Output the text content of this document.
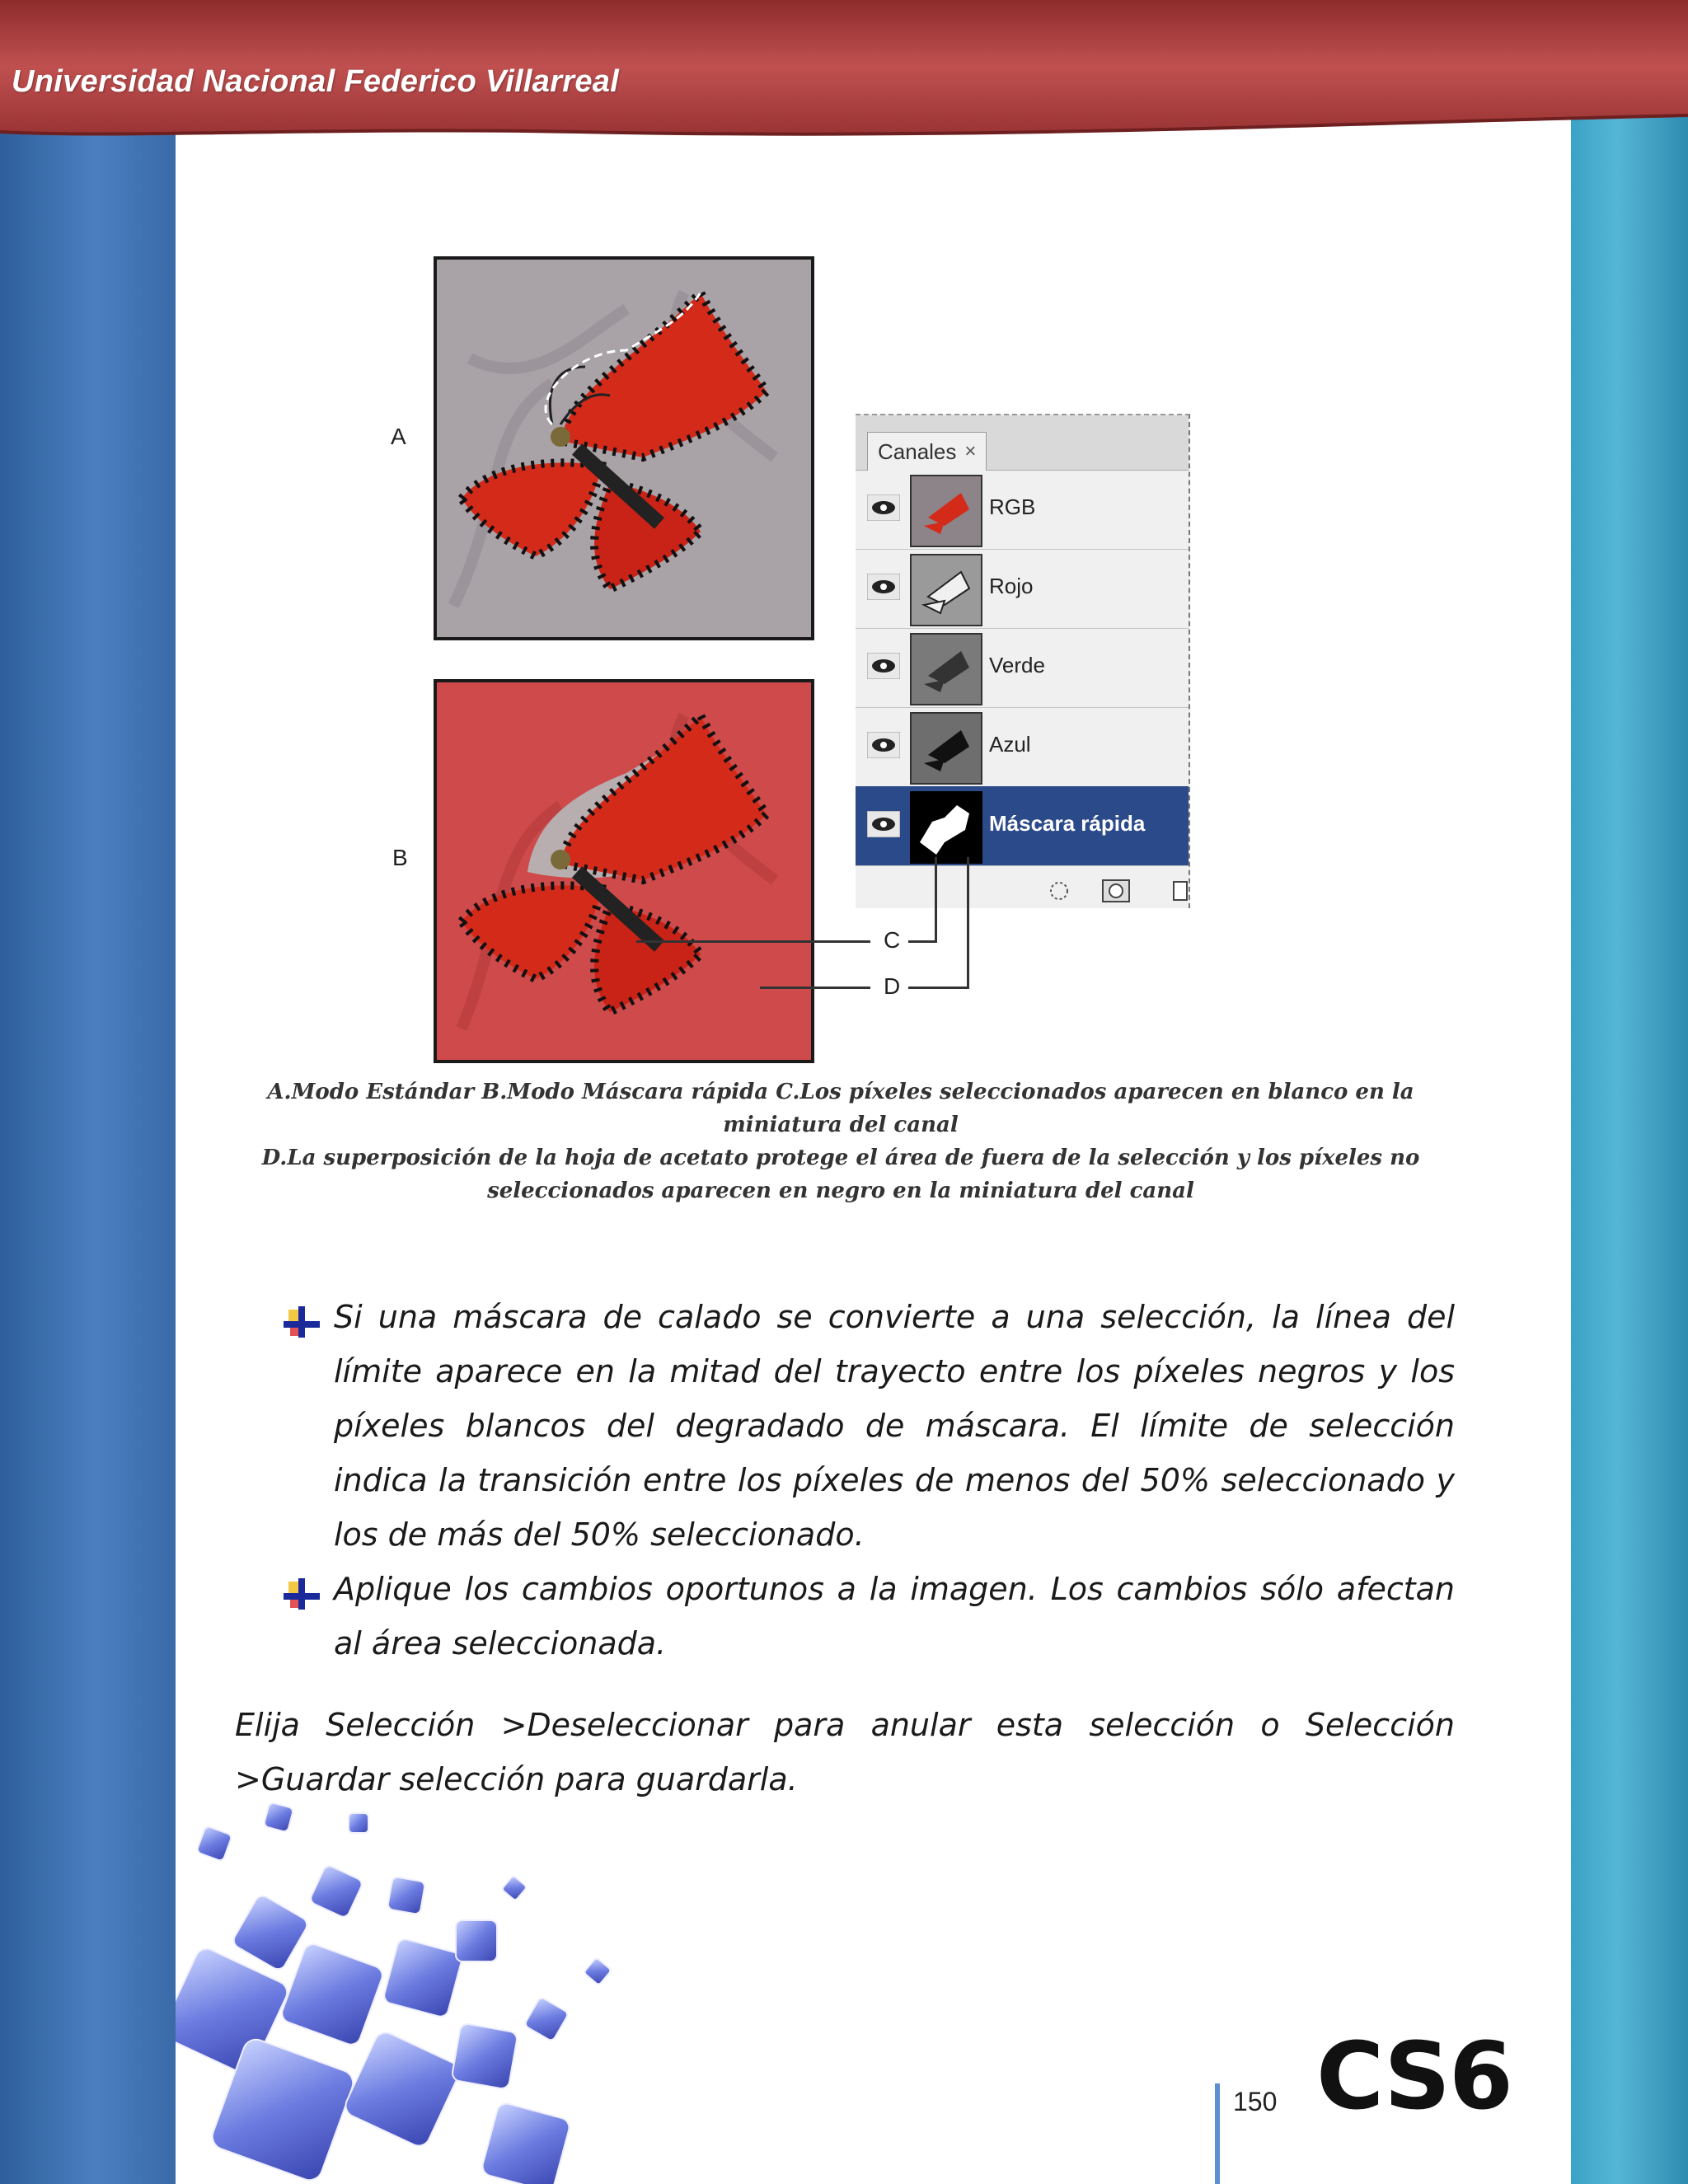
Universidad Nacional Federico Villarreal
A
B
Canales ×
RGB
Rojo
Verde
Azul
Máscara rápida
C
D
A.Modo Estándar B.Modo Máscara rápida C.Los píxeles seleccionados aparecen en blanco en la miniatura del canal
D.La superposición de la hoja de acetato protege el área de fuera de la selección y los píxeles no seleccionados aparecen en negro en la miniatura del canal
Si una máscara de calado se convierte a una selección, la línea del límite aparece en la mitad del trayecto entre los píxeles negros y los píxeles blancos del degradado de máscara. El límite de selección indica la transición entre los píxeles de menos del 50% seleccionado y los de más del 50% seleccionado.
Aplique los cambios oportunos a la imagen. Los cambios sólo afectan al área seleccionada.
Elija Selección >Deseleccionar para anular esta selección o Selección >Guardar selección para guardarla.
150 CS6
